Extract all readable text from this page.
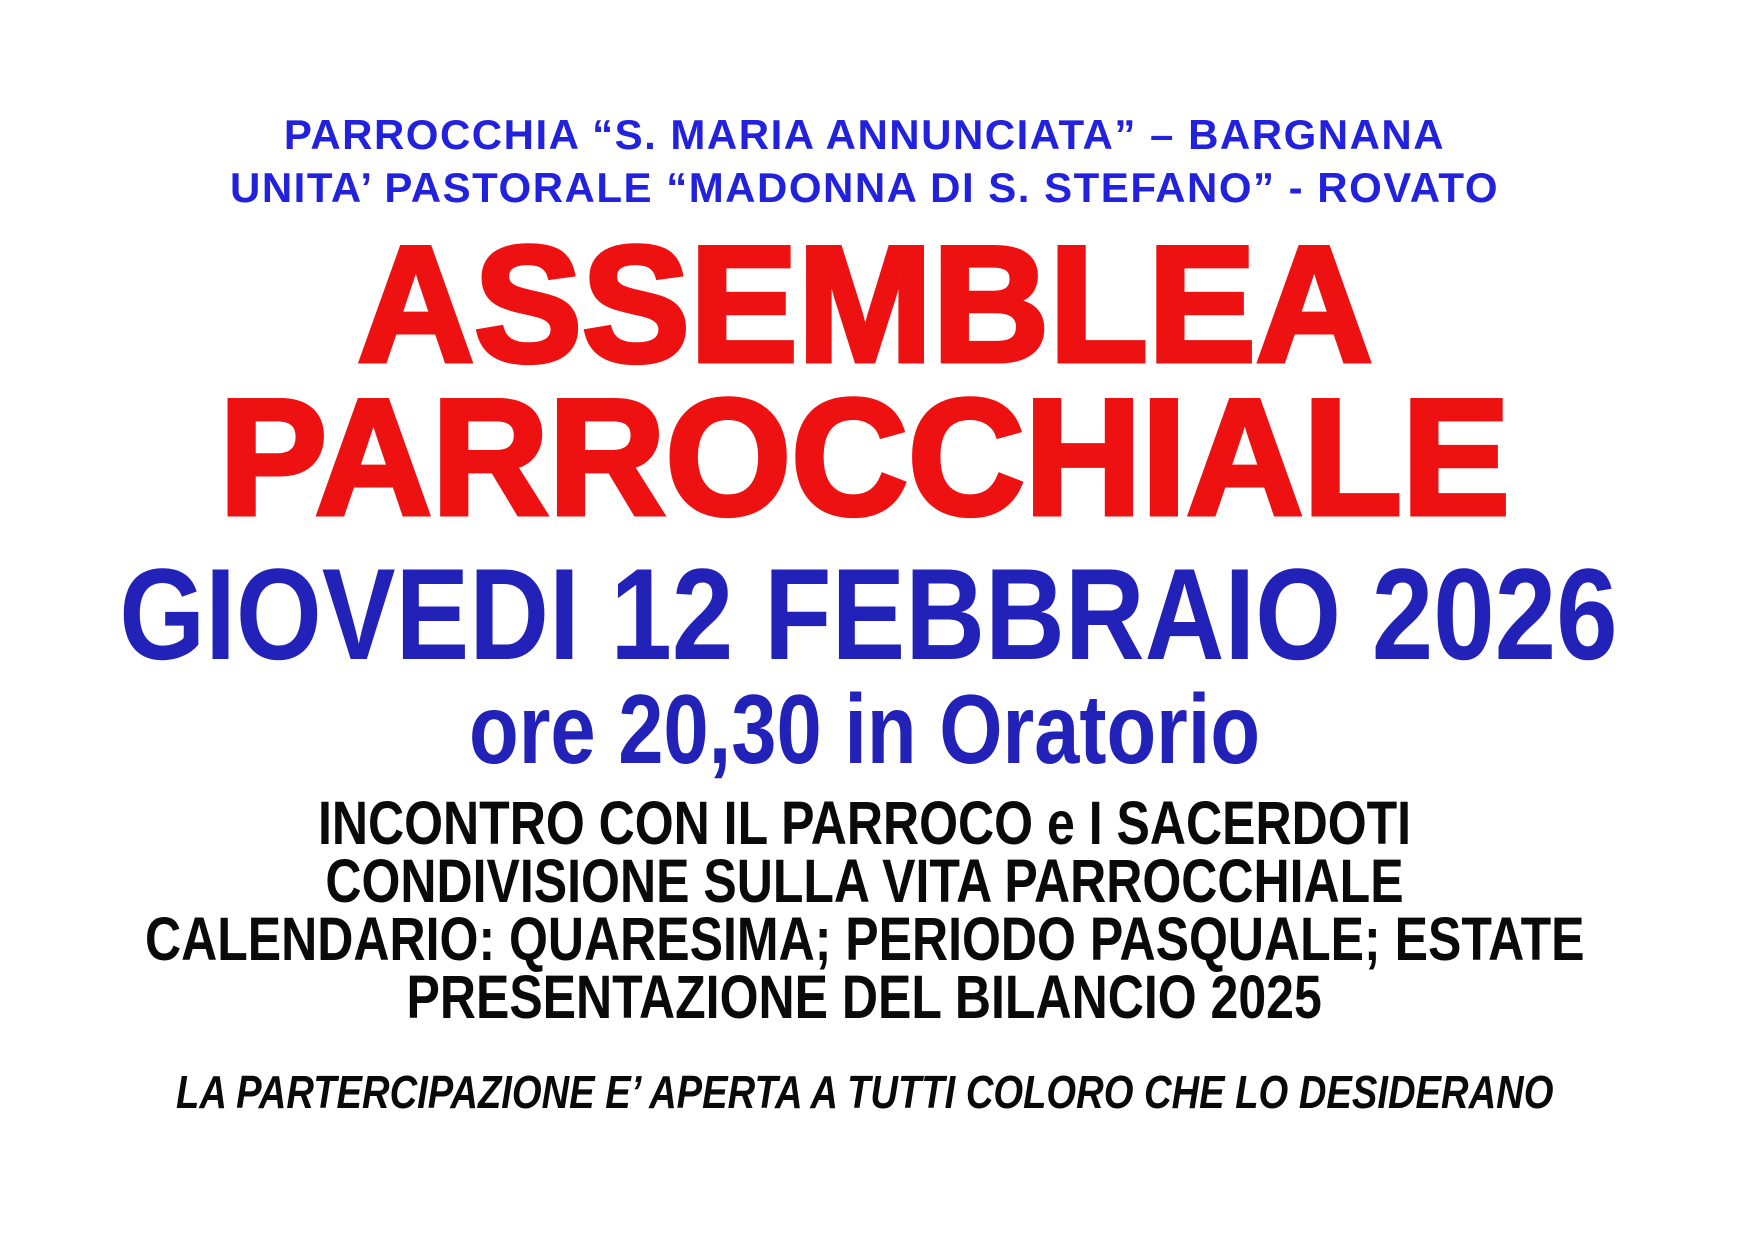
PARROCCHIA “S. MARIA ANNUNCIATA” – BARGNANA
UNITA’ PASTORALE “MADONNA DI S. STEFANO” - ROVATO
ASSEMBLEA
PARROCCHIALE
GIOVEDI 12 FEBBRAIO 2026
ore 20,30 in Oratorio
INCONTRO CON IL PARROCO e I SACERDOTI
CONDIVISIONE SULLA VITA PARROCCHIALE
CALENDARIO: QUARESIMA; PERIODO PASQUALE; ESTATE
PRESENTAZIONE DEL BILANCIO 2025
LA PARTERCIPAZIONE E’ APERTA A TUTTI COLORO CHE LO DESIDERANO
